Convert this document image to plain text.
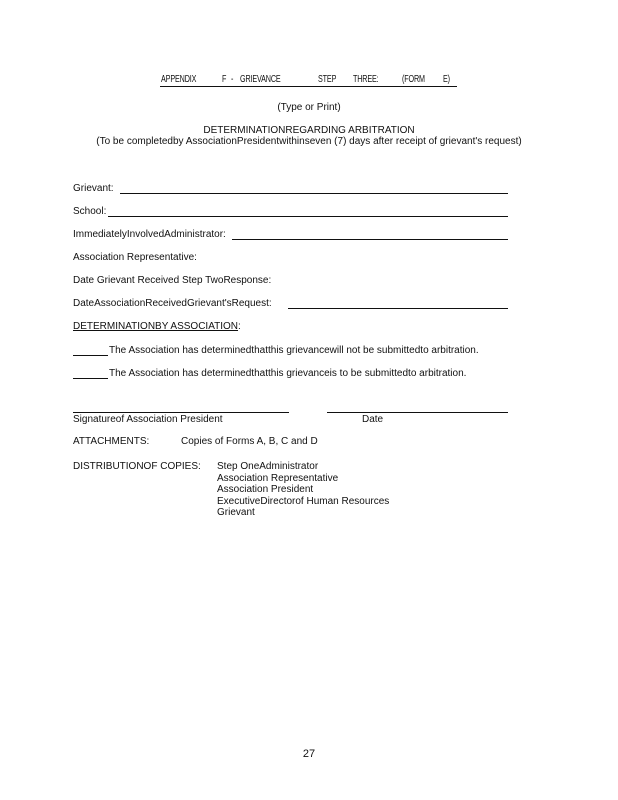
APPENDIX	F - GRIEVANCE	STEP THREE: (FORM E)
(Type or Print)
DETERMINATIONREGARDING ARBITRATION
(To be completedby AssociationPresidentwithinseven (7) days after receipt of grievant's request)
Grievant:
School:
ImmediatelyInvolvedAdministrator:
Association Representative:
Date Grievant Received Step TwoResponse:
DateAssociationReceivedGrievant'sRequest:
DETERMINATIONBY ASSOCIATION:
The Association has determinedthatthis grievancewill not be submittedto arbitration.
The Association has determinedthatthis grievanceis to be submittedto arbitration.
Signatureof Association President	Date
ATTACHMENTS:	Copies of Forms A, B, C and D
DISTRIBUTIONOF COPIES: Step OneAdministrator
Association Representative
Association President
ExecutiveDirectorof Human Resources
Grievant
27
